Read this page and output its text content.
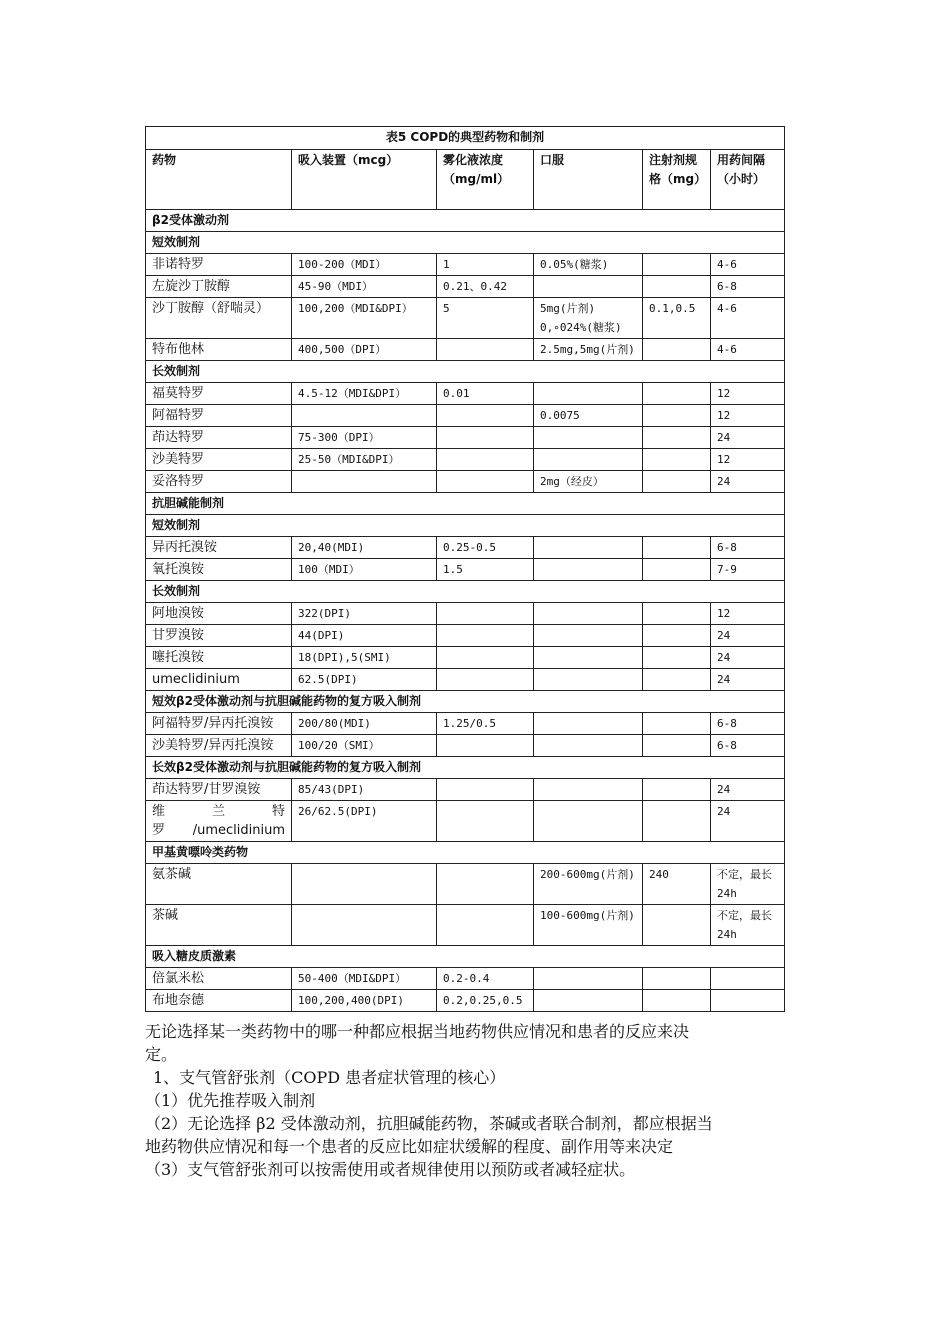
表5 COPD的典型药物和制剂					
药物	吸入装置（mcg）	雾化液浓度（mg/ml）	口服	注射剂规格（mg）	用药间隔（小时）
β2受体激动剂					
短效制剂					
非诺特罗	100-200（MDI）	1	0.05%(糖浆)		4-6
左旋沙丁胺醇	45-90（MDI）	0.21、0.42			6-8
沙丁胺醇（舒喘灵）	100,200（MDI&DPI）	5	5mg(片剂) 0,∘024%(糖浆)	0.1,0.5	4-6
特布他林	400,500（DPI）		2.5mg,5mg(片剂)		4-6
长效制剂					
福莫特罗	4.5-12（MDI&DPI）	0.01			12
阿福特罗			0.0075		12
茚达特罗	75-300（DPI）				24
沙美特罗	25-50（MDI&DPI）				12
妥洛特罗			2mg（经皮）		24
抗胆碱能制剂					
短效制剂					
异丙托溴铵	20,40(MDI)	0.25-0.5			6-8
氧托溴铵	100（MDI）	1.5			7-9
长效制剂					
阿地溴铵	322(DPI)				12
甘罗溴铵	44(DPI)				24
噻托溴铵	18(DPI),5(SMI)				24
umeclidinium	62.5(DPI)				24
短效β2受体激动剂与抗胆碱能药物的复方吸入制剂					
阿福特罗/异丙托溴铵	200/80(MDI)	1.25/0.5			6-8
沙美特罗/异丙托溴铵	100/20（SMI）				6-8
长效β2受体激动剂与抗胆碱能药物的复方吸入制剂					
茚达特罗/甘罗溴铵	85/43(DPI)				24
维兰特罗/umeclidinium	26/62.5(DPI)				24
甲基黄嘌呤类药物					
氨茶碱			200-600mg(片剂)	240	不定，最长24h
茶碱			100-600mg(片剂)		不定，最长24h
吸入糖皮质激素					
倍氯米松	50-400（MDI&DPI）	0.2-0.4			
布地奈德	100,200,400(DPI)	0.2,0.25,0.5			
无论选择某一类药物中的哪一种都应根据当地药物供应情况和患者的反应来决
定。
1、支气管舒张剂（COPD 患者症状管理的核心）
（1）优先推荐吸入制剂
（2）无论选择 β2 受体激动剂，抗胆碱能药物，茶碱或者联合制剂，都应根据当
地药物供应情况和每一个患者的反应比如症状缓解的程度、副作用等来决定
（3）支气管舒张剂可以按需使用或者规律使用以预防或者减轻症状。
